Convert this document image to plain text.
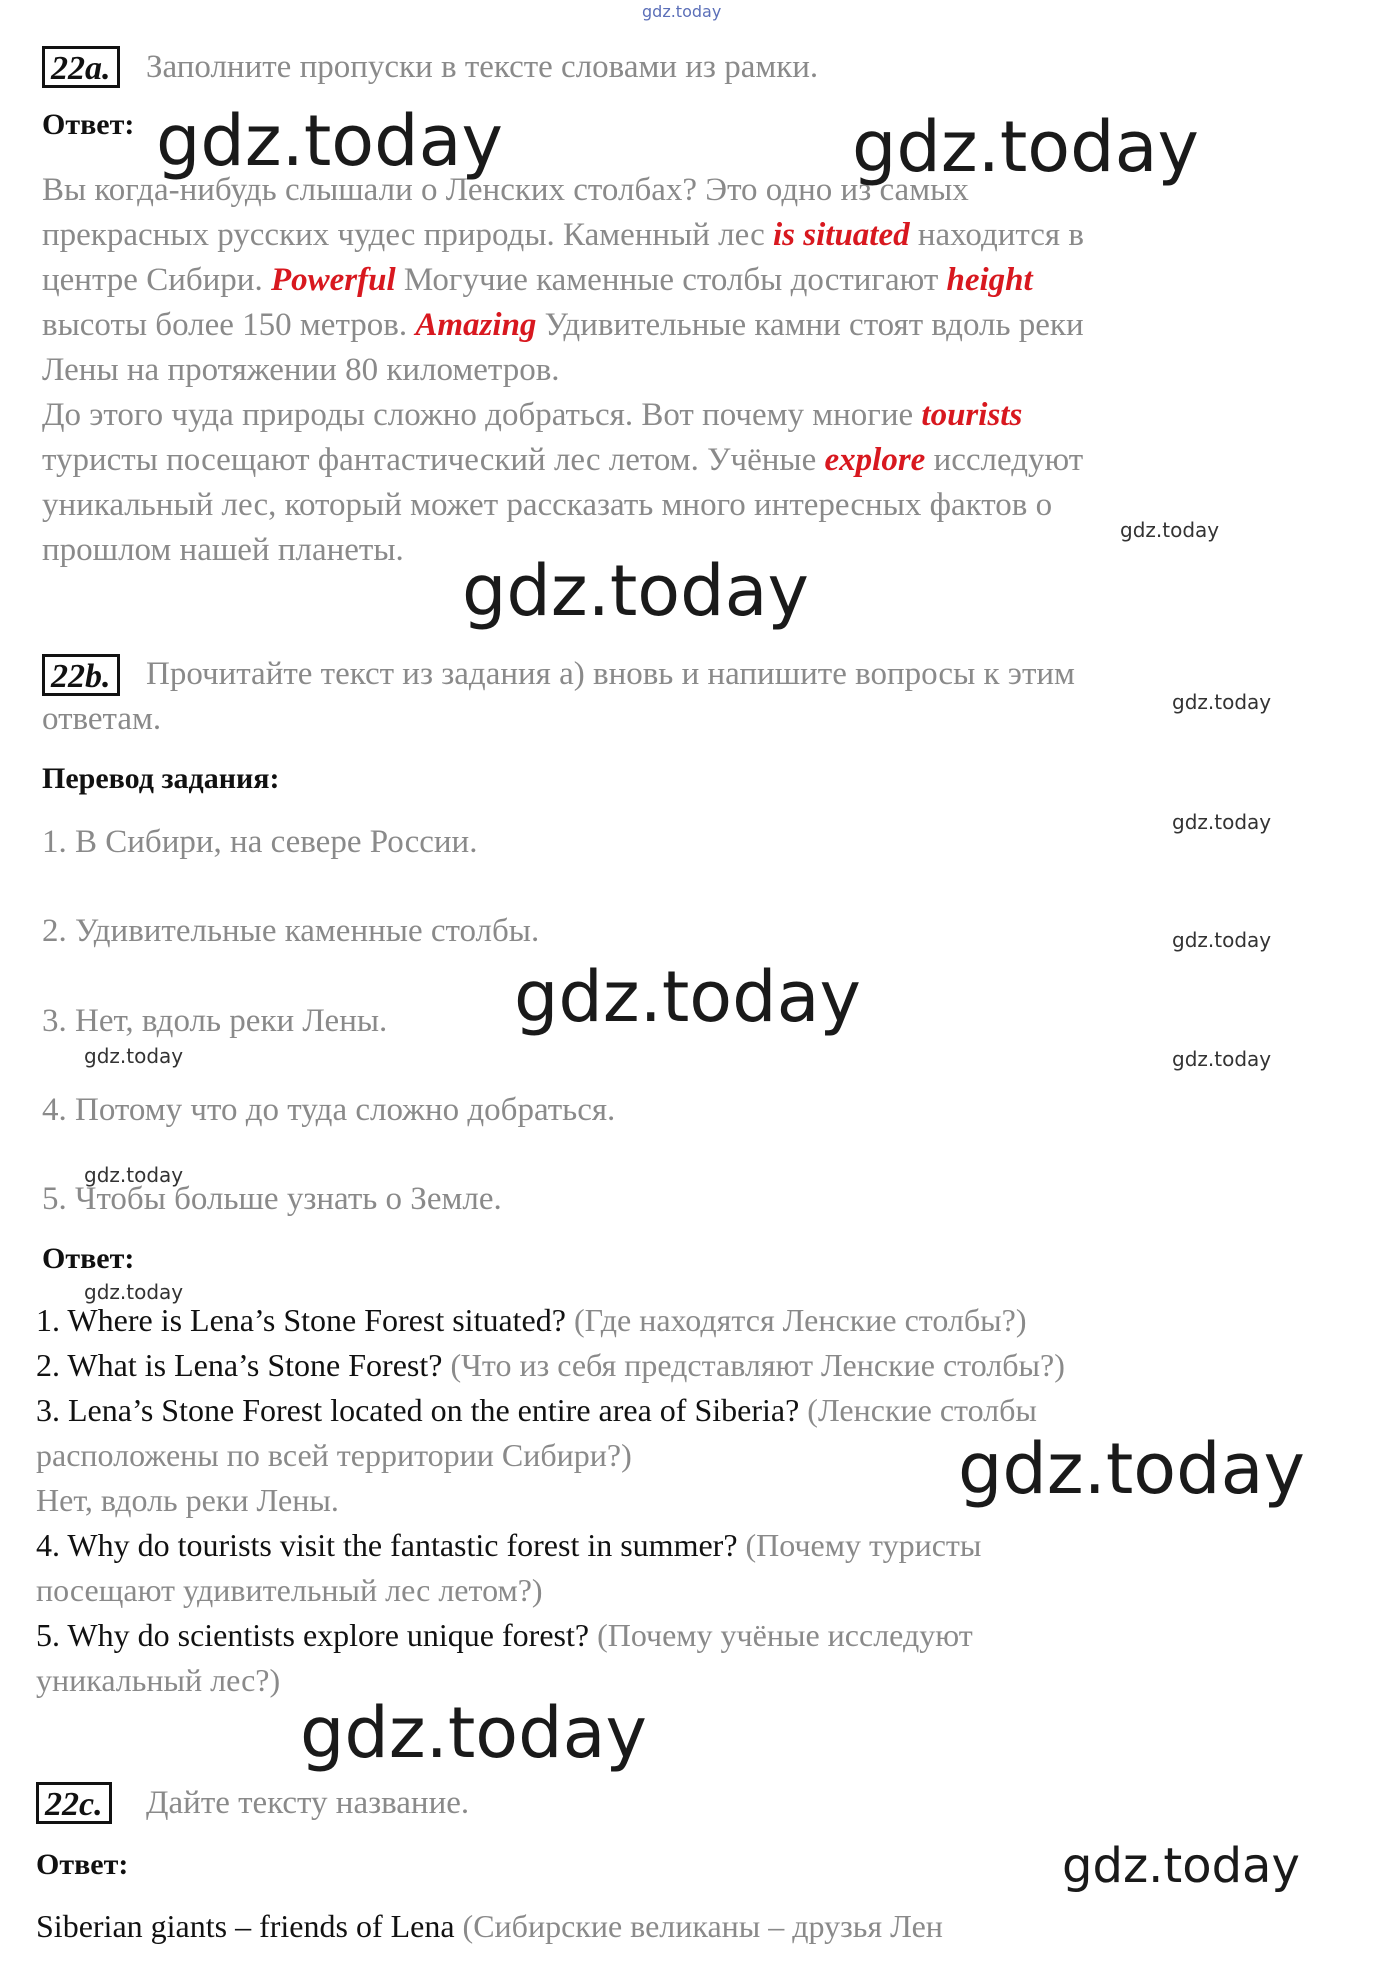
gdz.today
22a. Заполните пропуски в тексте словами из рамки.
Ответ:
Вы когда-нибудь слышали о Ленских столбах? Это одно из самых
прекрасных русских чудес природы. Каменный лес is situated находится в
центре Сибири. Powerful Могучие каменные столбы достигают height
высоты более 150 метров. Amazing Удивительные камни стоят вдоль реки
Лены на протяжении 80 километров.
До этого чуда природы сложно добраться. Вот почему многие tourists
туристы посещают фантастический лес летом. Учёные explore исследуют
уникальный лес, который может рассказать много интересных фактов о
прошлом нашей планеты.
22b. Прочитайте текст из задания а) вновь и напишите вопросы к этим
ответам.
Перевод задания:
1. В Сибири, на севере России.
2. Удивительные каменные столбы.
3. Нет, вдоль реки Лены.
4. Потому что до туда сложно добраться.
5. Чтобы больше узнать о Земле.
Ответ:
1. Where is Lena’s Stone Forest situated? (Где находятся Ленские столбы?)
2. What is Lena’s Stone Forest? (Что из себя представляют Ленские столбы?)
3. Lena’s Stone Forest located on the entire area of Siberia? (Ленские столбы
расположены по всей территории Сибири?)
Нет, вдоль реки Лены.
4. Why do tourists visit the fantastic forest in summer? (Почему туристы
посещают удивительный лес летом?)
5. Why do scientists explore unique forest? (Почему учёные исследуют
уникальный лес?)
22c. Дайте тексту название.
Ответ:
Siberian giants – friends of Lena (Сибирские великаны – друзья Лен
gdz.today	gdz.today
gdz.today
gdz.today
gdz.today
gdz.today
gdz.today
gdz.today
gdz.today
gdz.today
gdz.today
gdz.today
gdz.today
gdz.today
gdz.today
